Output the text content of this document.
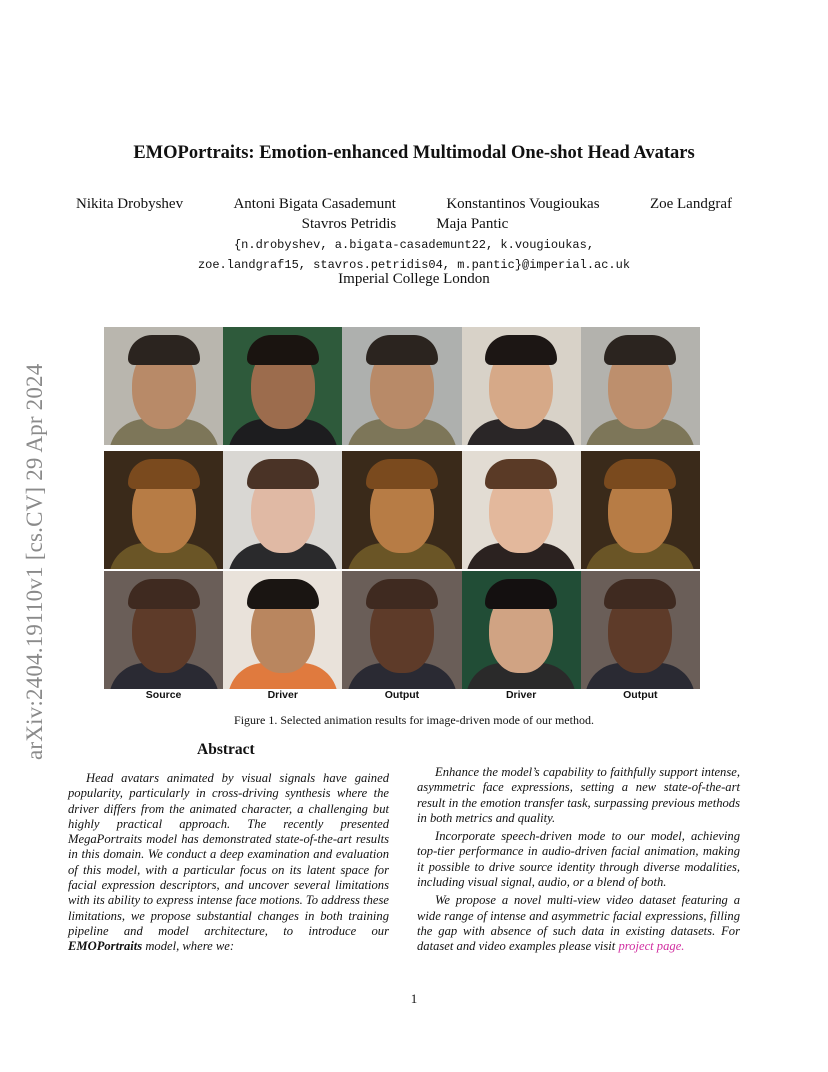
arXiv:2404.19110v1 [cs.CV] 29 Apr 2024
EMOPortraits: Emotion-enhanced Multimodal One-shot Head Avatars
Nikita Drobyshev	Antoni Bigata Casademunt	Konstantinos Vougioukas	Zoe Landgraf
Stavros Petridis	Maja Pantic
{n.drobyshev, a.bigata-casademunt22, k.vougioukas,
zoe.landgraf15, stavros.petridis04, m.pantic}@imperial.ac.uk
Imperial College London
Source	Driver	Output	Driver	Output
Figure 1. Selected animation results for image-driven mode of our method.
Abstract

Head avatars animated by visual signals have gained popularity, particularly in cross-driving synthesis where the driver differs from the animated character, a challenging but highly practical approach. The recently presented MegaPortraits model has demonstrated state-of-the-art results in this domain. We conduct a deep examination and evaluation of this model, with a particular focus on its latent space for facial expression descriptors, and uncover several limitations with its ability to express intense face motions. To address these limitations, we propose substantial changes in both training pipeline and model architecture, to introduce our EMOPortraits model, where we:

Enhance the model’s capability to faithfully support intense, asymmetric face expressions, setting a new state-of-the-art result in the emotion transfer task, surpassing previous methods in both metrics and quality.

Incorporate speech-driven mode to our model, achieving top-tier performance in audio-driven facial animation, making it possible to drive source identity through diverse modalities, including visual signal, audio, or a blend of both.

We propose a novel multi-view video dataset featuring a wide range of intense and asymmetric facial expressions, filling the gap with absence of such data in existing datasets. For dataset and video examples please visit project page.

1
